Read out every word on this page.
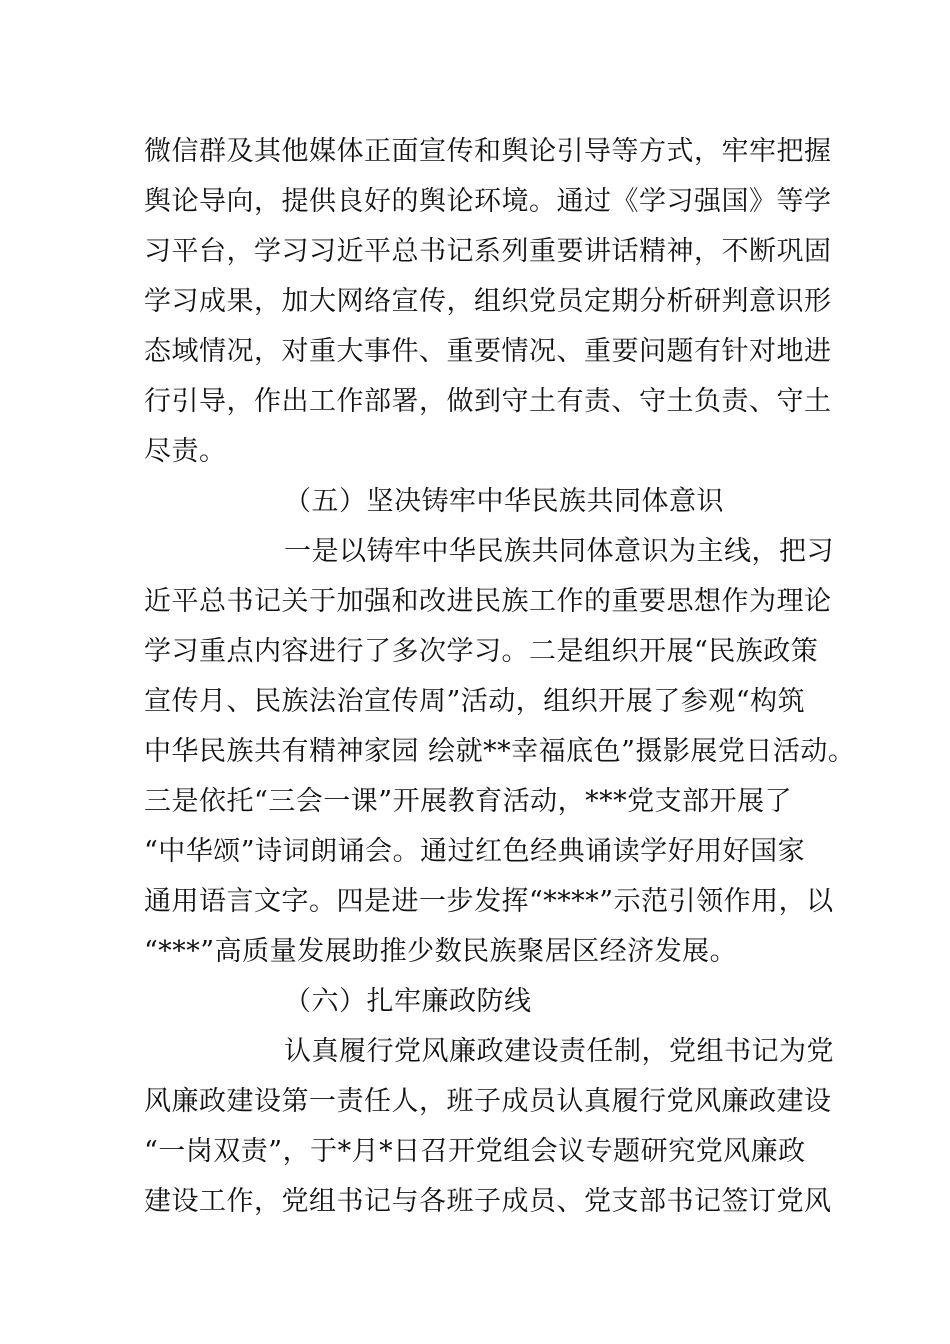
微信群及其他媒体正面宣传和舆论引导等方式，牢牢把握
舆论导向，提供良好的舆论环境。通过《学习强国》等学
习平台，学习习近平总书记系列重要讲话精神，不断巩固
学习成果，加大网络宣传，组织党员定期分析研判意识形
态域情况，对重大事件、重要情况、重要问题有针对地进
行引导，作出工作部署，做到守土有责、守土负责、守土
尽责。
（五）坚决铸牢中华民族共同体意识
一是以铸牢中华民族共同体意识为主线，把习
近平总书记关于加强和改进民族工作的重要思想作为理论
学习重点内容进行了多次学习。二是组织开展“民族政策
宣传月、民族法治宣传周”活动，组织开展了参观“构筑
中华民族共有精神家园 绘就**幸福底色”摄影展党日活动。
三是依托“三会一课”开展教育活动，***党支部开展了
“中华颂”诗词朗诵会。通过红色经典诵读学好用好国家
通用语言文字。四是进一步发挥“****”示范引领作用，以
“***”高质量发展助推少数民族聚居区经济发展。
（六）扎牢廉政防线
认真履行党风廉政建设责任制，党组书记为党
风廉政建设第一责任人，班子成员认真履行党风廉政建设
“一岗双责”，于*月*日召开党组会议专题研究党风廉政
建设工作，党组书记与各班子成员、党支部书记签订党风
